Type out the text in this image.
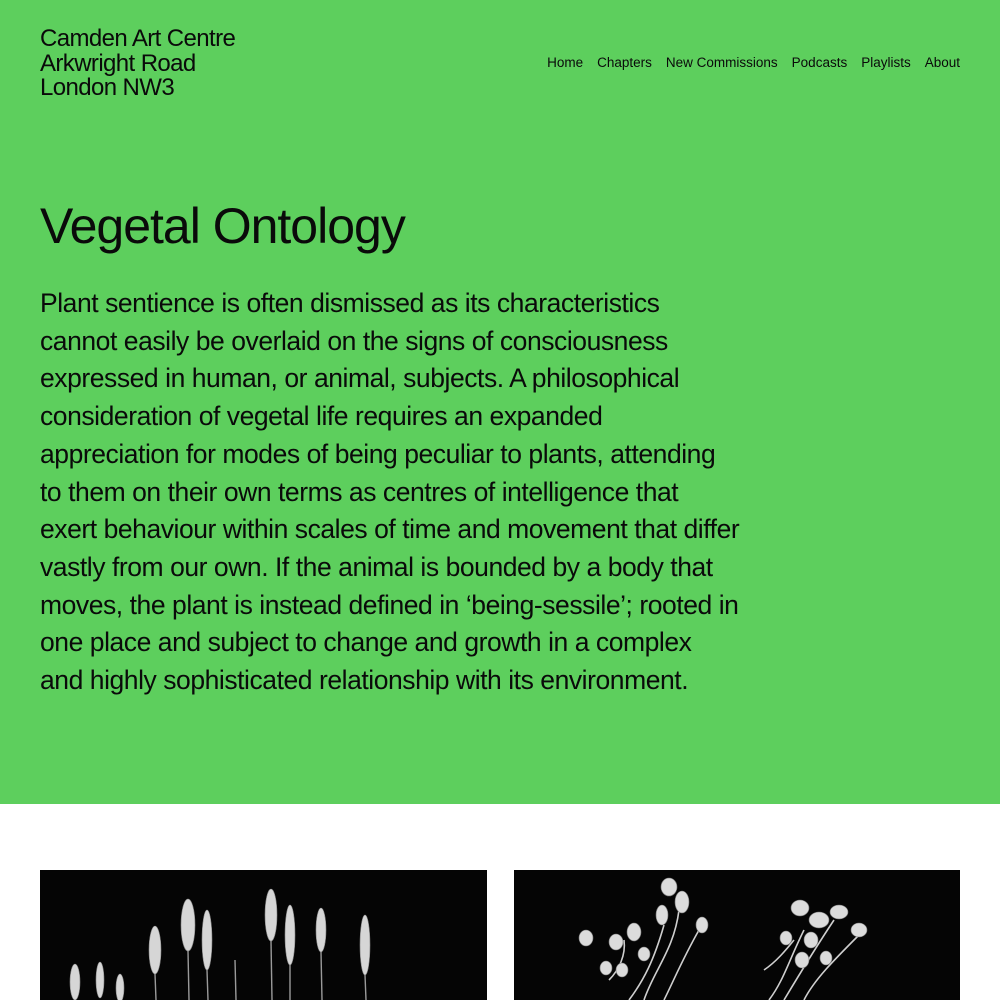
Camden Art Centre
Arkwright Road
London NW3
Home Chapters New Commissions Podcasts Playlists About
Vegetal Ontology

Plant sentience is often dismissed as its characteristics cannot easily be overlaid on the signs of consciousness expressed in human, or animal, subjects. A philosophical consideration of vegetal life requires an expanded appreciation for modes of being peculiar to plants, attending to them on their own terms as centres of intelligence that exert behaviour within scales of time and movement that differ vastly from our own. If the animal is bounded by a body that moves, the plant is instead defined in ‘being-sessile’; rooted in one place and subject to change and growth in a complex and highly sophisticated relationship with its environment.
